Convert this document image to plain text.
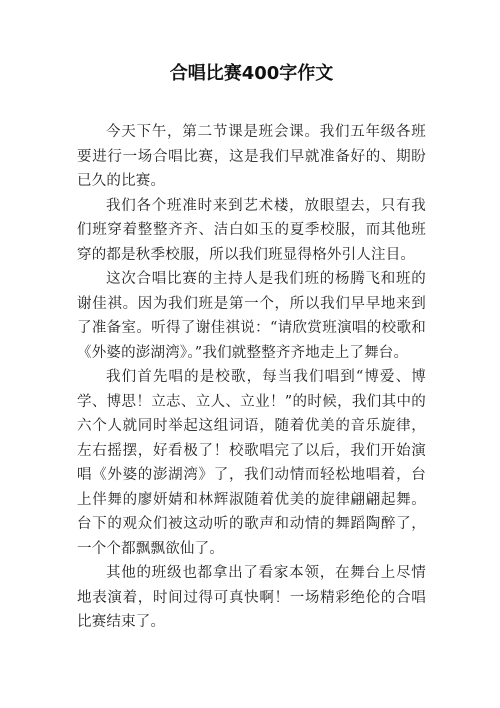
合唱比赛400字作文

今天下午，第二节课是班会课。我们五年级各班要进行一场合唱比赛，这是我们早就准备好的、期盼已久的比赛。

我们各个班准时来到艺术楼，放眼望去，只有我们班穿着整整齐齐、洁白如玉的夏季校服，而其他班穿的都是秋季校服，所以我们班显得格外引人注目。

这次合唱比赛的主持人是我们班的杨腾飞和班的谢佳祺。因为我们班是第一个，所以我们早早地来到了准备室。听得了谢佳祺说：“请欣赏班演唱的校歌和《外婆的澎湖湾》。”我们就整整齐齐地走上了舞台。

我们首先唱的是校歌，每当我们唱到“博爱、博学、博思！立志、立人、立业！”的时候，我们其中的六个人就同时举起这组词语，随着优美的音乐旋律，左右摇摆，好看极了！校歌唱完了以后，我们开始演唱《外婆的澎湖湾》了，我们动情而轻松地唱着，台上伴舞的廖妍婧和林辉淑随着优美的旋律翩翩起舞。台下的观众们被这动听的歌声和动情的舞蹈陶醉了，一个个都飘飘欲仙了。

其他的班级也都拿出了看家本领，在舞台上尽情地表演着，时间过得可真快啊！一场精彩绝伦的合唱比赛结束了。
